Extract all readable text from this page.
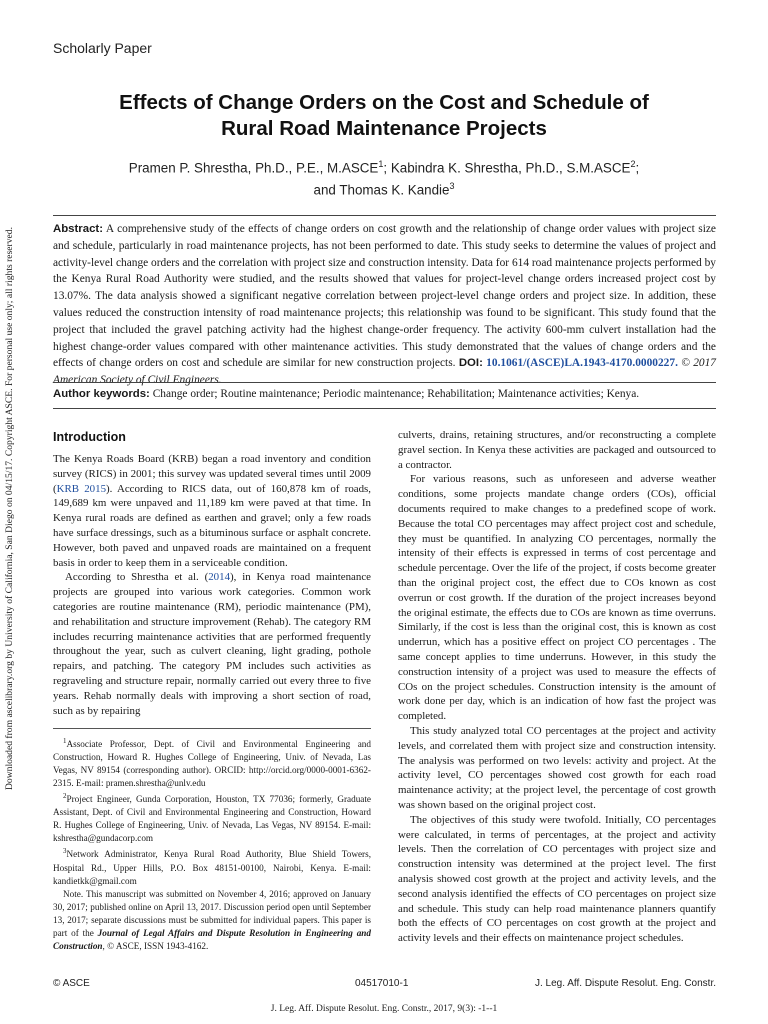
Downloaded from ascelibrary.org by University of California, San Diego on 04/15/17. Copyright ASCE. For personal use only; all rights reserved.
Scholarly Paper
Effects of Change Orders on the Cost and Schedule of
Rural Road Maintenance Projects
Pramen P. Shrestha, Ph.D., P.E., M.ASCE$^1$; Kabindra K. Shrestha, Ph.D., S.M.ASCE$^2$;
and Thomas K. Kandie$^3$

Abstract: A comprehensive study of the effects of change orders on cost growth and the relationship of change order values with project size and schedule, particularly in road maintenance projects, has not been performed to date. This study seeks to determine the values of project and activity-level change orders and the correlation with project size and construction intensity. Data for 614 road maintenance projects performed by the Kenya Rural Road Authority were studied, and the results showed that values for project-level change orders increased project cost by 13.07%. The data analysis showed a significant negative correlation between project-level change orders and project size. In addition, these values reduced the construction intensity of road maintenance projects; this relationship was found to be significant. This study found that the project that included the gravel patching activity had the highest change-order frequency. The activity 600-mm culvert installation had the highest change-order values compared with other maintenance activities. This study demonstrated that the values of change orders and the effects of change orders on cost and schedule are similar for new construction projects. DOI: 10.1061/(ASCE)LA.1943-4170.0000227. © 2017 American Society of Civil Engineers.

Author keywords: Change order; Routine maintenance; Periodic maintenance; Rehabilitation; Maintenance activities; Kenya.

Introduction

The Kenya Roads Board (KRB) began a road inventory and condition survey (RICS) in 2001; this survey was updated several times until 2009 (KRB 2015). According to RICS data, out of 160,878 km of roads, 149,689 km were unpaved and 11,189 km were paved at that time. In Kenya rural roads are defined as earthen and gravel; only a few roads have surface dressings, such as a bituminous surface or asphalt concrete. However, both paved and unpaved roads are maintained on a frequent basis in order to keep them in a serviceable condition.

According to Shrestha et al. (2014), in Kenya road maintenance projects are grouped into various work categories. Common work categories are routine maintenance (RM), periodic maintenance (PM), and rehabilitation and structure improvement (Rehab). The category RM includes recurring maintenance activities that are performed frequently throughout the year, such as culvert cleaning, light grading, pothole repairs, and patching. The category PM includes such activities as regraveling and structure repair, normally carried out every three to five years. Rehab normally deals with improving a short section of road, such as by repairing

$^1$Associate Professor, Dept. of Civil and Environmental Engineering and Construction, Howard R. Hughes College of Engineering, Univ. of Nevada, Las Vegas, NV 89154 (corresponding author). ORCID: http://orcid.org/0000-0001-6362-2315. E-mail: pramen.shrestha@unlv.edu

$^2$Project Engineer, Gunda Corporation, Houston, TX 77036; formerly, Graduate Assistant, Dept. of Civil and Environmental Engineering and Construction, Howard R. Hughes College of Engineering, Univ. of Nevada, Las Vegas, NV 89154. E-mail: kshrestha@gundacorp.com

$^3$Network Administrator, Kenya Rural Road Authority, Blue Shield Towers, Hospital Rd., Upper Hills, P.O. Box 48151-00100, Nairobi, Kenya. E-mail: kandietkk@gmail.com

Note. This manuscript was submitted on November 4, 2016; approved on January 30, 2017; published online on April 13, 2017. Discussion period open until September 13, 2017; separate discussions must be submitted for individual papers. This paper is part of the Journal of Legal Affairs and Dispute Resolution in Engineering and Construction, © ASCE, ISSN 1943-4162.

culverts, drains, retaining structures, and/or reconstructing a complete gravel section. In Kenya these activities are packaged and outsourced to a contractor.

For various reasons, such as unforeseen and adverse weather conditions, some projects mandate change orders (COs), official documents required to make changes to a predefined scope of work. Because the total CO percentages may affect project cost and schedule, they must be quantified. In analyzing CO percentages, normally the intensity of their effects is expressed in terms of cost percentage and schedule percentage. Over the life of the project, if costs become greater than the original project cost, the effect due to COs known as cost overrun or cost growth. If the duration of the project increases beyond the original estimate, the effects due to COs are known as time overruns. Similarly, if the cost is less than the original cost, this is known as cost underrun, which has a positive effect on project CO percentages . The same concept applies to time underruns. However, in this study the construction intensity of a project was used to measure the effects of COs on the project schedules. Construction intensity is the amount of work done per day, which is an indication of how fast the project was completed.

This study analyzed total CO percentages at the project and activity levels, and correlated them with project size and construction intensity. The analysis was performed on two levels: activity and project. At the activity level, CO percentages showed cost growth for each road maintenance activity; at the project level, the percentage of cost growth was shown based on the original project cost.

The objectives of this study were twofold. Initially, CO percentages were calculated, in terms of percentages, at the project and activity levels. Then the correlation of CO percentages with project size and construction intensity was determined at the project level. The first analysis showed cost growth at the project and activity levels, and the second analysis identified the effects of CO percentages on project size and schedule. This study can help road maintenance planners quantify both the effects of CO percentages on cost growth at the project and activity levels and their effects on maintenance project schedules.

© ASCE	04517010-1	J. Leg. Aff. Dispute Resolut. Eng. Constr.
J. Leg. Aff. Dispute Resolut. Eng. Constr., 2017, 9(3): -1--1
